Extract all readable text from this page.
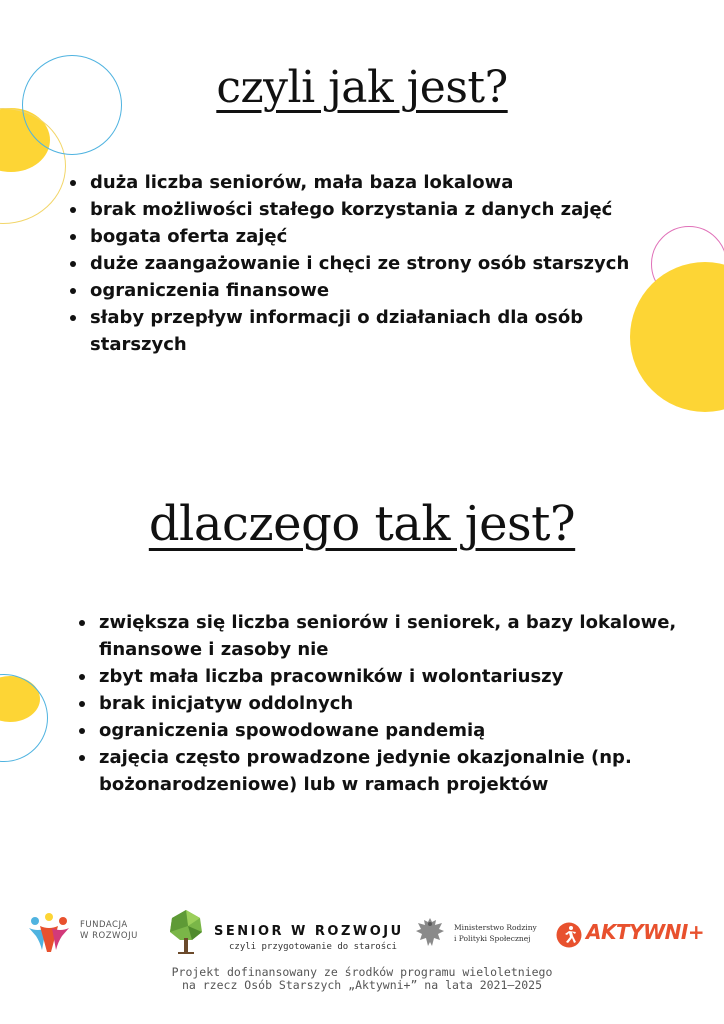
czyli jak jest?
duża liczba seniorów, mała baza lokalowa
brak możliwości stałego korzystania z danych zajęć
bogata oferta zajęć
duże zaangażowanie i chęci ze strony osób starszych
ograniczenia finansowe
słaby przepływ informacji o działaniach dla osób starszych
dlaczego tak jest?
zwiększa się liczba seniorów i seniorek, a bazy lokalowe, finansowe i zasoby nie
zbyt mała liczba pracowników i wolontariuszy
brak inicjatyw oddolnych
ograniczenia spowodowane pandemią
zajęcia często prowadzone jedynie okazjonalnie (np. bożonarodzeniowe) lub w ramach projektów
FUNDACJA
W ROZWOJU	SENIOR W ROZWOJU
czyli przygotowanie do starości
Ministerstwo Rodziny
i Polityki Społecznej	AKTYWNI+
Projekt dofinansowany ze środków programu wieloletniego
na rzecz Osób Starszych „Aktywni+” na lata 2021–2025
